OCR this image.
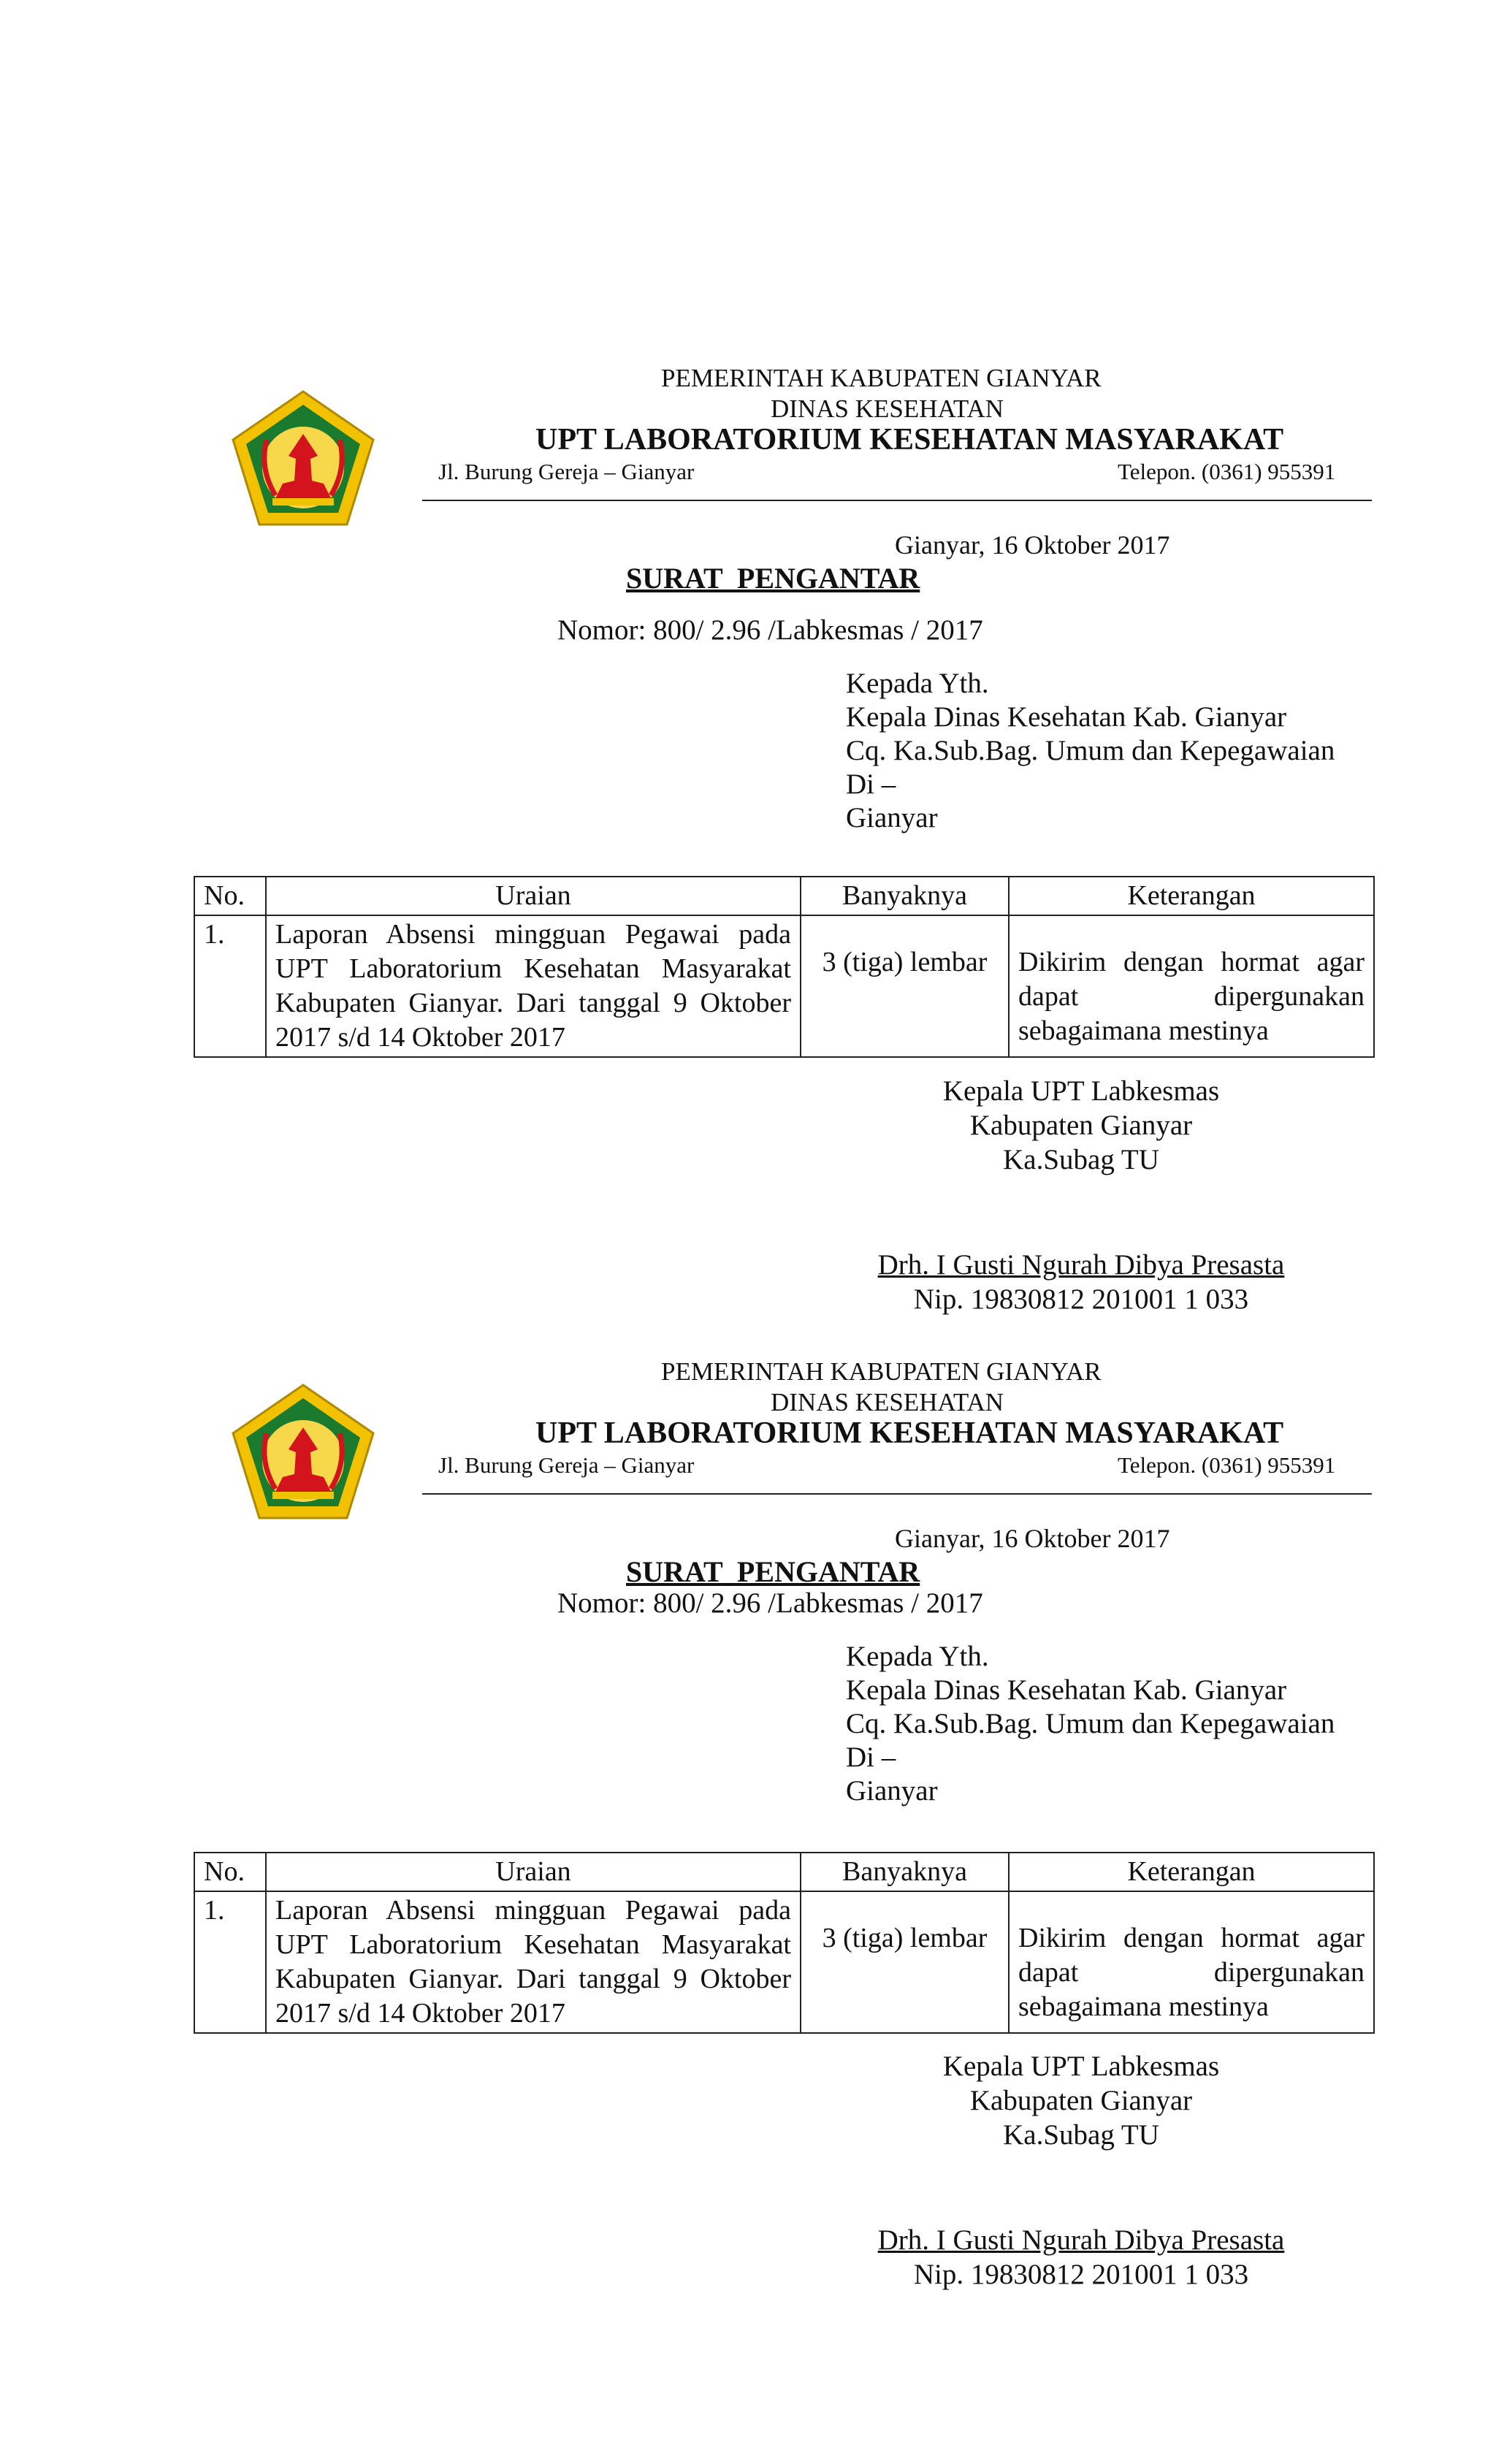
PEMERINTAH KABUPATEN GIANYAR
DINAS KESEHATAN
UPT LABORATORIUM KESEHATAN MASYARAKAT
Jl. Burung Gereja – Gianyar	Telepon. (0361) 955391
Gianyar, 16 Oktober 2017
SURAT  PENGANTAR
Nomor: 800/ 2.96 /Labkesmas / 2017
Kepada Yth.
Kepala Dinas Kesehatan Kab. Gianyar
Cq. Ka.Sub.Bag. Umum dan Kepegawaian
Di –
Gianyar
No.	Uraian	Banyaknya	Keterangan
1.	Laporan Absensi mingguan Pegawai pada UPT Laboratorium Kesehatan Masyarakat Kabupaten Gianyar. Dari tanggal 9 Oktober 2017 s/d 14 Oktober 2017	3 (tiga) lembar	Dikirim dengan hormat agar dapat dipergunakan sebagaimana mestinya
Kepala UPT Labkesmas
Kabupaten Gianyar
Ka.Subag TU
Drh. I Gusti Ngurah Dibya Presasta
Nip. 19830812 201001 1 033
PEMERINTAH KABUPATEN GIANYAR
DINAS KESEHATAN
UPT LABORATORIUM KESEHATAN MASYARAKAT
Jl. Burung Gereja – Gianyar	Telepon. (0361) 955391
Gianyar, 16 Oktober 2017
SURAT  PENGANTAR
Nomor: 800/ 2.96 /Labkesmas / 2017
Kepada Yth.
Kepala Dinas Kesehatan Kab. Gianyar
Cq. Ka.Sub.Bag. Umum dan Kepegawaian
Di –
Gianyar
No.	Uraian	Banyaknya	Keterangan
1.	Laporan Absensi mingguan Pegawai pada UPT Laboratorium Kesehatan Masyarakat Kabupaten Gianyar. Dari tanggal 9 Oktober 2017 s/d 14 Oktober 2017	3 (tiga) lembar	Dikirim dengan hormat agar dapat dipergunakan sebagaimana mestinya
Kepala UPT Labkesmas
Kabupaten Gianyar
Ka.Subag TU
Drh. I Gusti Ngurah Dibya Presasta
Nip. 19830812 201001 1 033
